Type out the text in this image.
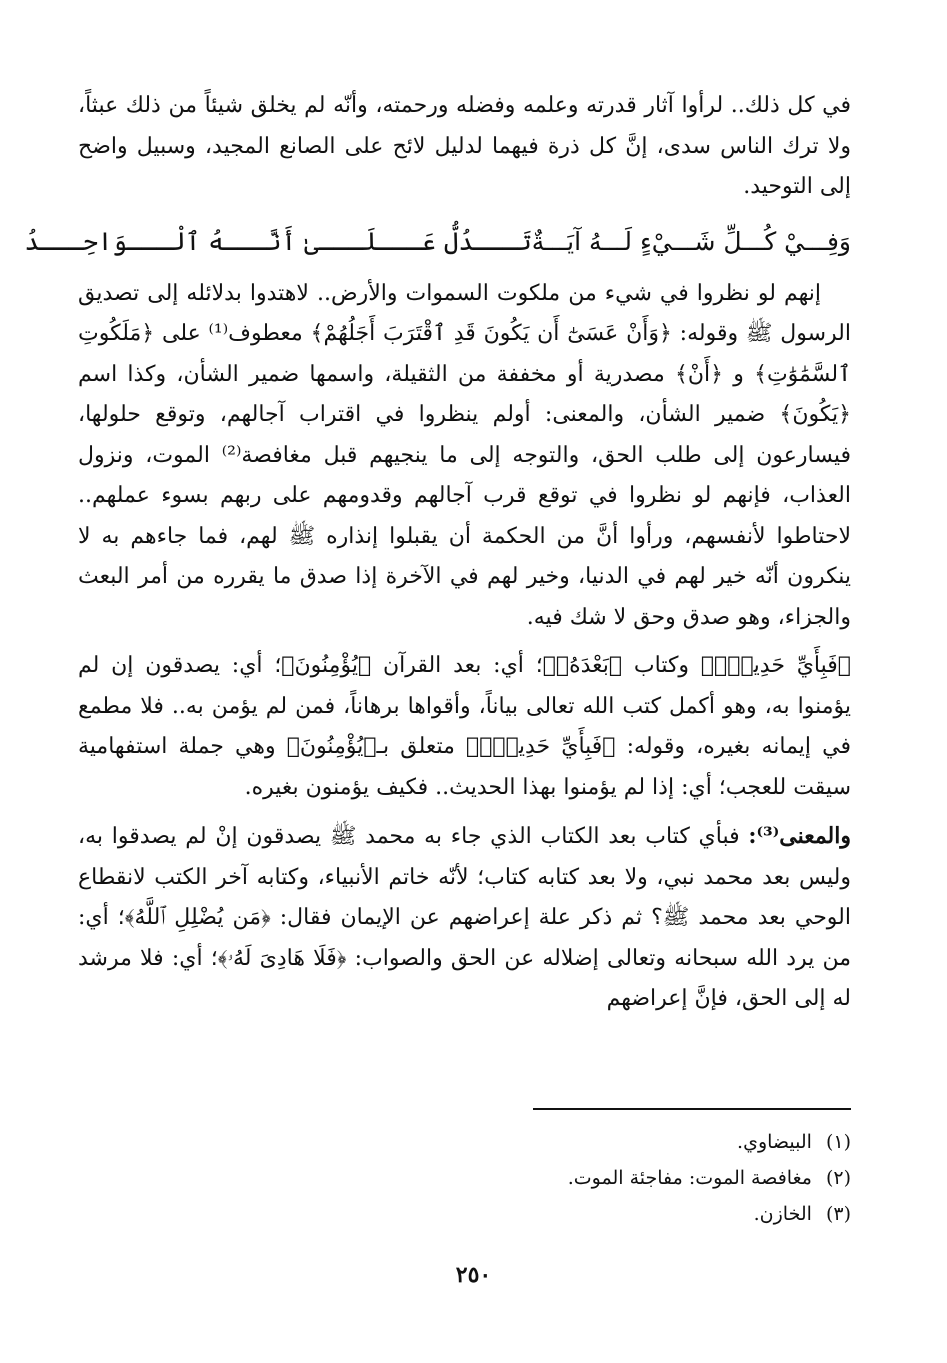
في كل ذلك.. لرأوا آثار قدرته وعلمه وفضله ورحمته، وأنّه لم يخلق شيئاً من ذلك عبثاً، ولا ترك الناس سدى، إنَّ كل ذرة فيهما لدليل لائح على الصانع المجيد، وسبيل واضح إلى التوحيد.

وَفِـــيْ كُـــلِّ شَـــيْءٍ لَـــهُ آيَـــةٌ
تَـــدُلُّ عَـــلَـــىٰ أَنَّـــهُ ٱلْـــوَاحِـــدُ

إنهم لو نظروا في شيء من ملكوت السموات والأرض.. لاهتدوا بدلائله إلى تصديق الرسول ﷺ وقوله: ﴿وَأَنْ عَسَىٰٓ أَن يَكُونَ قَدِ ٱقْتَرَبَ أَجَلُهُمْ﴾ معطوف⁽¹⁾ على ﴿مَلَكُوتِ ٱلسَّمَٰوَٰتِ﴾ و ﴿أَنْ﴾ مصدرية أو مخففة من الثقيلة، واسمها ضمير الشأن، وكذا اسم ﴿يَكُونَ﴾ ضمير الشأن، والمعنى: أولم ينظروا في اقتراب آجالهم، وتوقع حلولها، فيسارعون إلى طلب الحق، والتوجه إلى ما ينجيهم قبل مغافصة⁽²⁾ الموت، ونزول العذاب، فإنهم لو نظروا في توقع قرب آجالهم وقدومهم على ربهم بسوء عملهم.. لاحتاطوا لأنفسهم، ورأوا أنَّ من الحكمة أن يقبلوا إنذاره ﷺ لهم، فما جاءهم به لا ينكرون أنّه خير لهم في الدنيا، وخير لهم في الآخرة إذا صدق ما يقرره من أمر البعث والجزاء، وهو صدق وحق لا شك فيه.

﴿فَبِأَيِّ حَدِيثٍۭ﴾ وكتاب ﴿بَعْدَهُۥ﴾؛ أي: بعد القرآن ﴿يُؤْمِنُونَ﴾؛ أي: يصدقون إن لم يؤمنوا به، وهو أكمل كتب الله تعالى بياناً، وأقواها برهاناً، فمن لم يؤمن به.. فلا مطمع في إيمانه بغيره، وقوله: ﴿فَبِأَيِّ حَدِيثٍۭ﴾ متعلق بـ﴿يُؤْمِنُونَ﴾ وهي جملة استفهامية سيقت للعجب؛ أي: إذا لم يؤمنوا بهذا الحديث.. فكيف يؤمنون بغيره.

والمعنى⁽³⁾: فبأي كتاب بعد الكتاب الذي جاء به محمد ﷺ يصدقون إنْ لم يصدقوا به، وليس بعد محمد نبي، ولا بعد كتابه كتاب؛ لأنّه خاتم الأنبياء، وكتابه آخر الكتب لانقطاع الوحي بعد محمد ﷺ؟ ثم ذكر علة إعراضهم عن الإيمان فقال: ﴿مَن يُضْلِلِ ٱللَّهُ﴾؛ أي: من يرد الله سبحانه وتعالى إضلاله عن الحق والصواب: ﴿فَلَا هَادِىَ لَهُۥ﴾؛ أي: فلا مرشد له إلى الحق، فإنَّ إعراضهم

(١)
البيضاوي.
(٢)
مغافصة الموت: مفاجئة الموت.
(٣)
الخازن.
٢٥٠
